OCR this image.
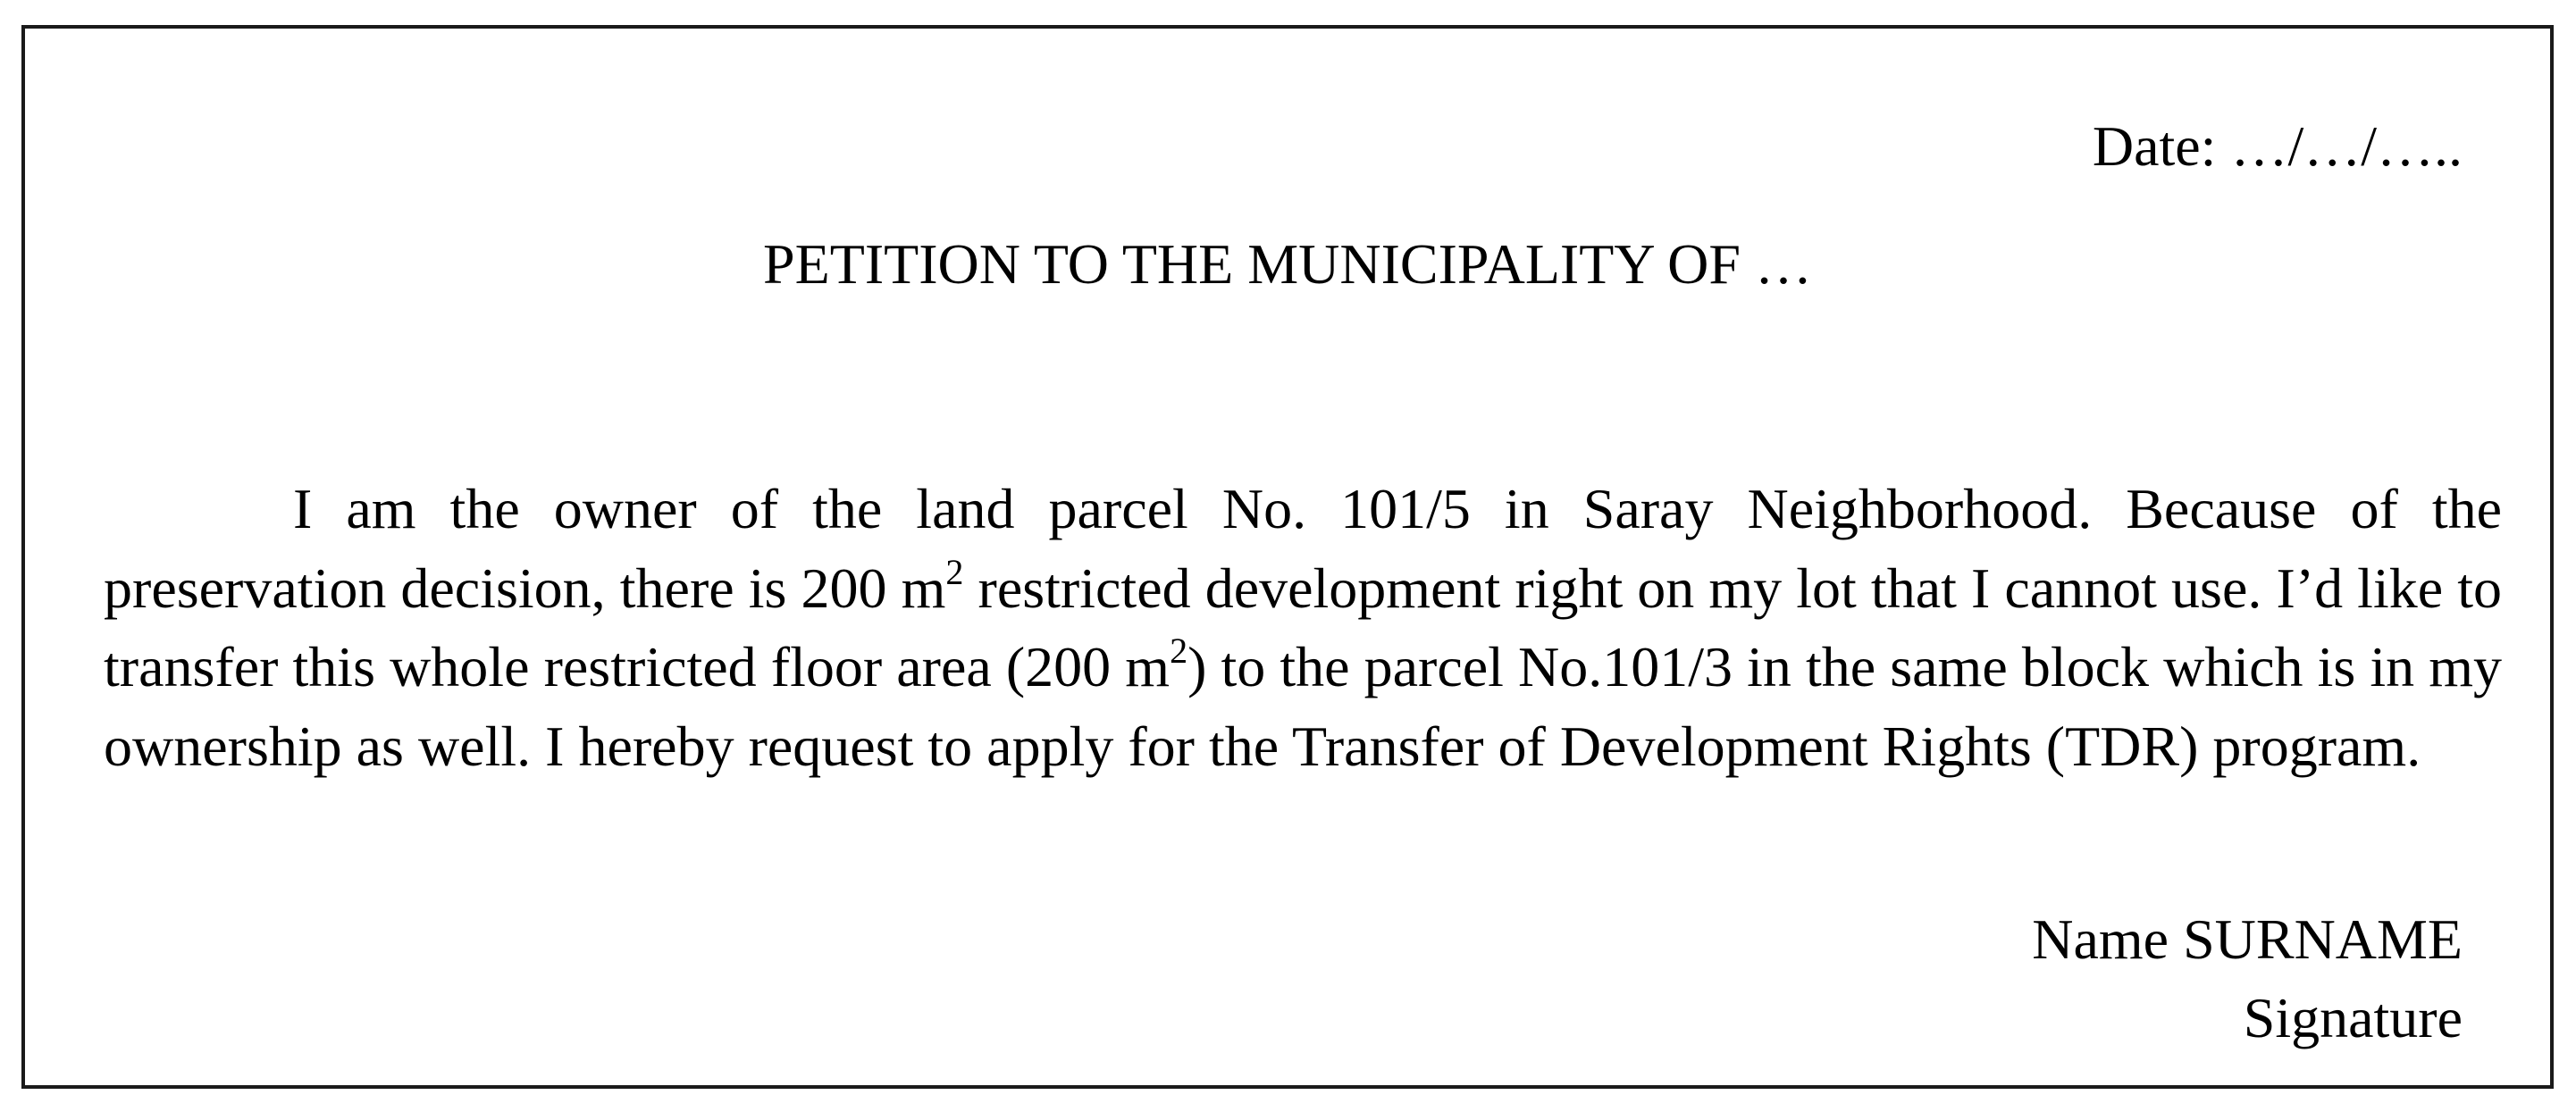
Date: …/…/…..
PETITION TO THE MUNICIPALITY OF …

I am the owner of the land parcel No. 101/5 in Saray Neighborhood. Because of the preservation decision, there is 200 $m^2$ restricted development right on my lot that I cannot use. I’d like to transfer this whole restricted floor area (200 $m^2$) to the parcel No.101/3 in the same block which is in my ownership as well. I hereby request to apply for the Transfer of Development Rights (TDR) program.

Name SURNAME
Signature
